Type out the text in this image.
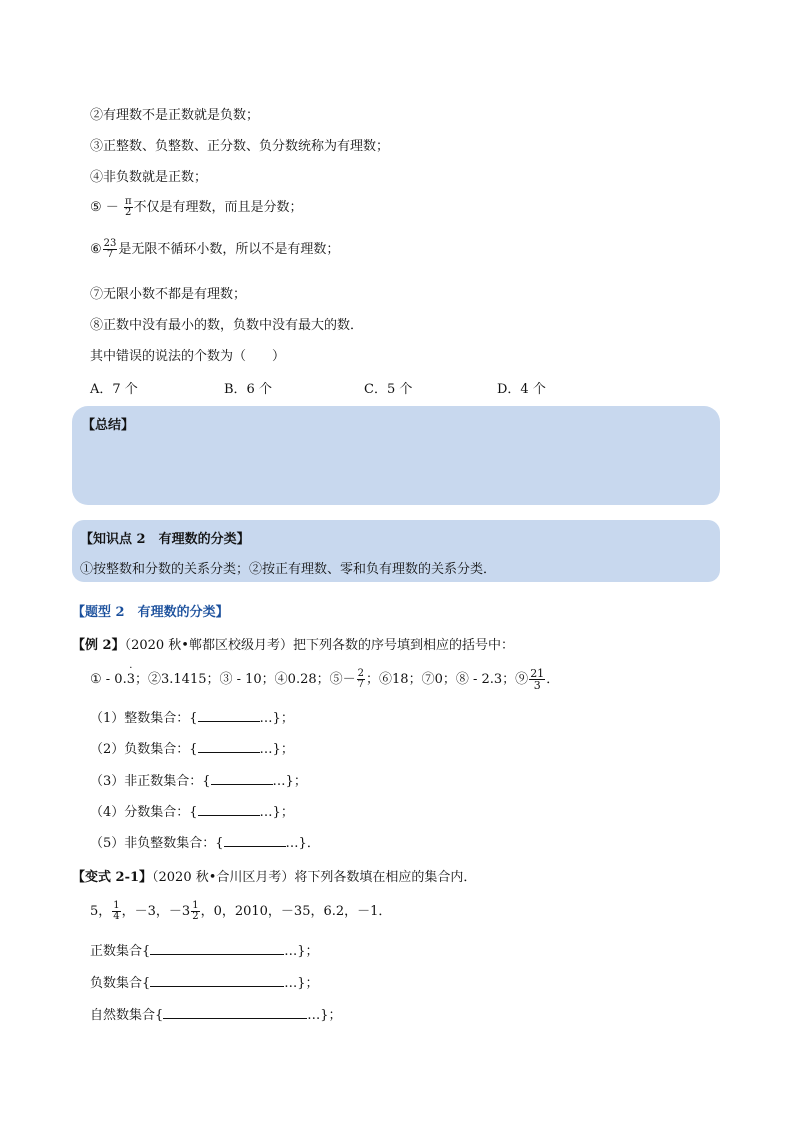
②有理数不是正数就是负数；
③正整数、负整数、正分数、负分数统称为有理数；
④非负数就是正数；
⑤ － $\frac{\pi}{2}$ 不仅是有理数，而且是分数；
⑥ $\frac{23}{7}$ 是无限不循环小数，所以不是有理数；
⑦无限小数不都是有理数；
⑧正数中没有最小的数，负数中没有最大的数．
其中错误的说法的个数为（　　）
A．7 个	B．6 个	C．5 个	D．4 个
【总结】
【知识点 2　有理数的分类】
①按整数和分数的关系分类；②按正有理数、零和负有理数的关系分类．
【题型 2　有理数的分类】
【例 2】（2020 秋•郸都区校级月考）把下列各数的序号填到相应的括号中：
① - 0.3 ·；②3.1415；③ - 10；④0.28；⑤－ $\frac{2}{7}$ ；⑥18；⑦0；⑧ - 2.3；⑨ $\frac{21}{3}$ ．
（1）整数集合：{	…}；
（2）负数集合：{	…}；
（3）非正数集合：{	…}；
（4）分数集合：{	…}；
（5）非负整数集合：{	…}．
【变式 2-1】（2020 秋•合川区月考）将下列各数填在相应的集合内．
5， $\frac{1}{4}$ ，－3，$-3 \frac{1}{2}$ ，0，2010，－35，6.2，－1．
正数集合{	…}；
负数集合{	…}；
自然数集合{	…}；
